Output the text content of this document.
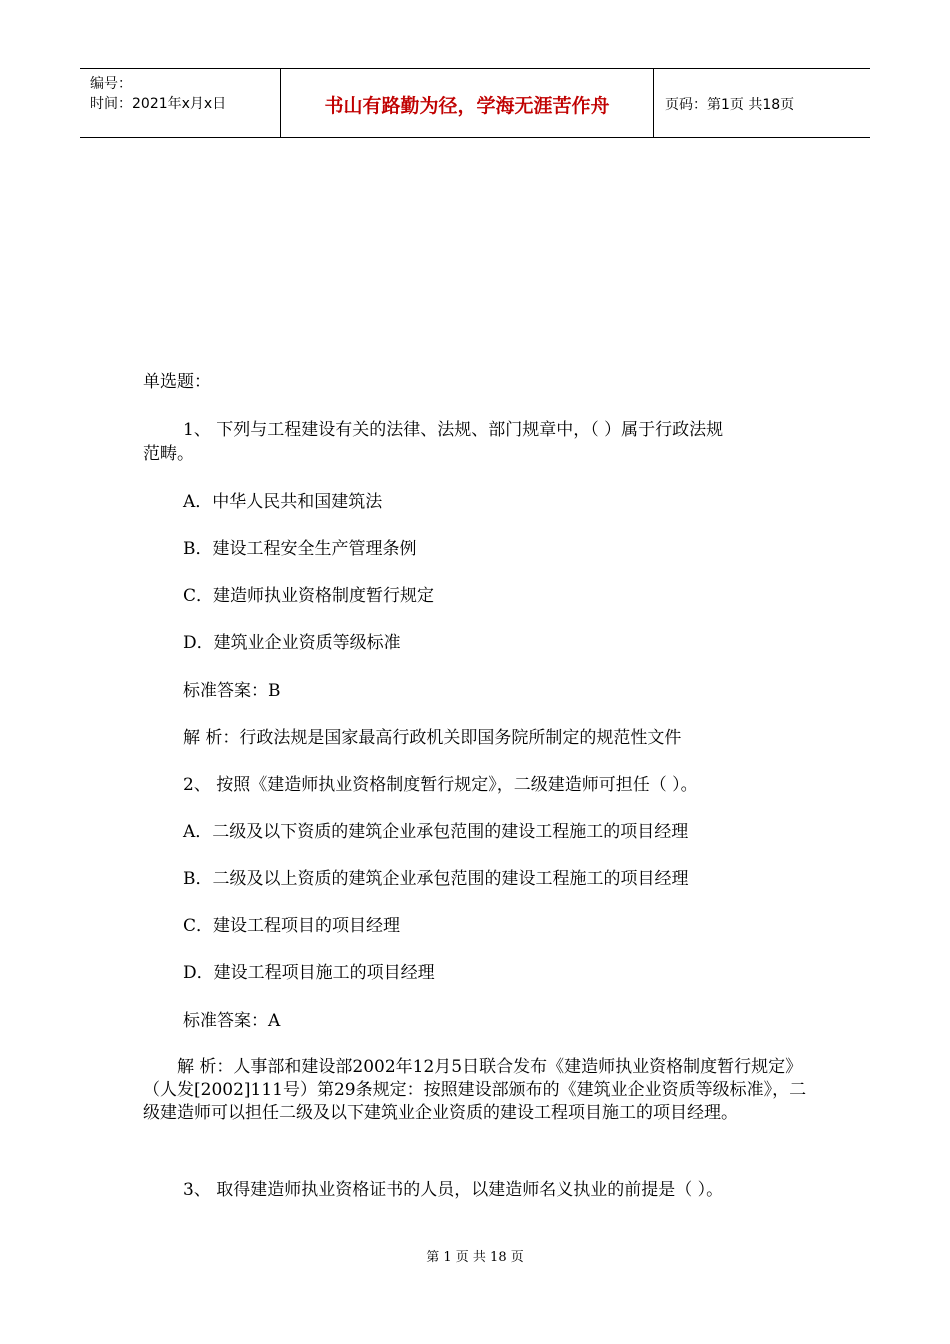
编号：
时间：2021年x月x日	书山有路勤为径，学海无涯苦作舟	页码：第1页 共18页
单选题：
1、 下列与工程建设有关的法律、法规、部门规章中，（ ）属于行政法规
范畴。
A．中华人民共和国建筑法
B．建设工程安全生产管理条例
C．建造师执业资格制度暂行规定
D．建筑业企业资质等级标准
标准答案：B
解 析：行政法规是国家最高行政机关即国务院所制定的规范性文件
2、 按照《建造师执业资格制度暂行规定》，二级建造师可担任（ ）。
A．二级及以下资质的建筑企业承包范围的建设工程施工的项目经理
B．二级及以上资质的建筑企业承包范围的建设工程施工的项目经理
C．建设工程项目的项目经理
D．建设工程项目施工的项目经理
标准答案：A
　　解 析：人事部和建设部2002年12月5日联合发布《建造师执业资格制度暂行规定》（人发[2002]111号）第29条规定：按照建设部颁布的《建筑业企业资质等级标准》，二级建造师可以担任二级及以下建筑业企业资质的建设工程项目施工的项目经理。
3、 取得建造师执业资格证书的人员，以建造师名义执业的前提是（ ）。
第 1 页 共 18 页
